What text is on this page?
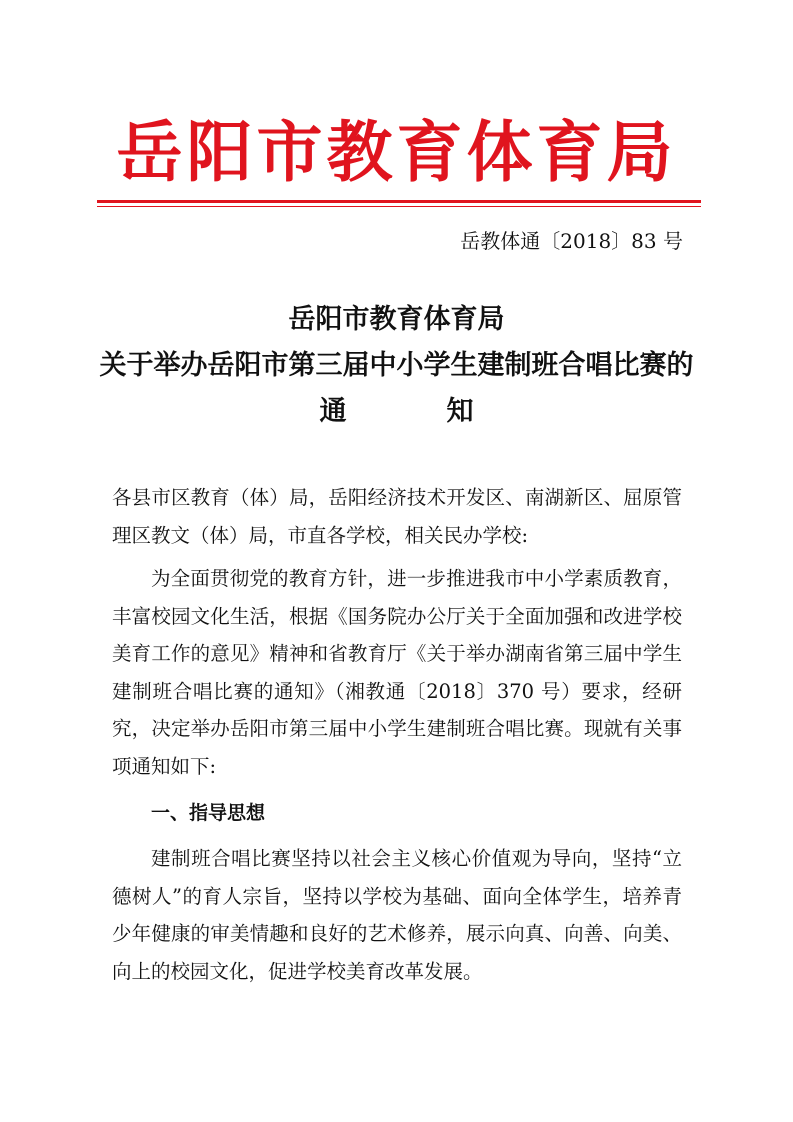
岳阳市教育体育局
岳教体通〔2018〕83 号
岳阳市教育体育局
关于举办岳阳市第三届中小学生建制班合唱比赛的
通	知
各县市区教育（体）局，岳阳经济技术开发区、南湖新区、屈原管理区教文（体）局，市直各学校，相关民办学校:
为全面贯彻党的教育方针，进一步推进我市中小学素质教育，丰富校园文化生活，根据《国务院办公厅关于全面加强和改进学校美育工作的意见》精神和省教育厅《关于举办湖南省第三届中学生建制班合唱比赛的通知》（湘教通〔2018〕370 号）要求，经研究，决定举办岳阳市第三届中小学生建制班合唱比赛。现就有关事项通知如下:
一、指导思想
建制班合唱比赛坚持以社会主义核心价值观为导向，坚持“立德树人”的育人宗旨，坚持以学校为基础、面向全体学生，培养青少年健康的审美情趣和良好的艺术修养，展示向真、向善、向美、向上的校园文化，促进学校美育改革发展。
